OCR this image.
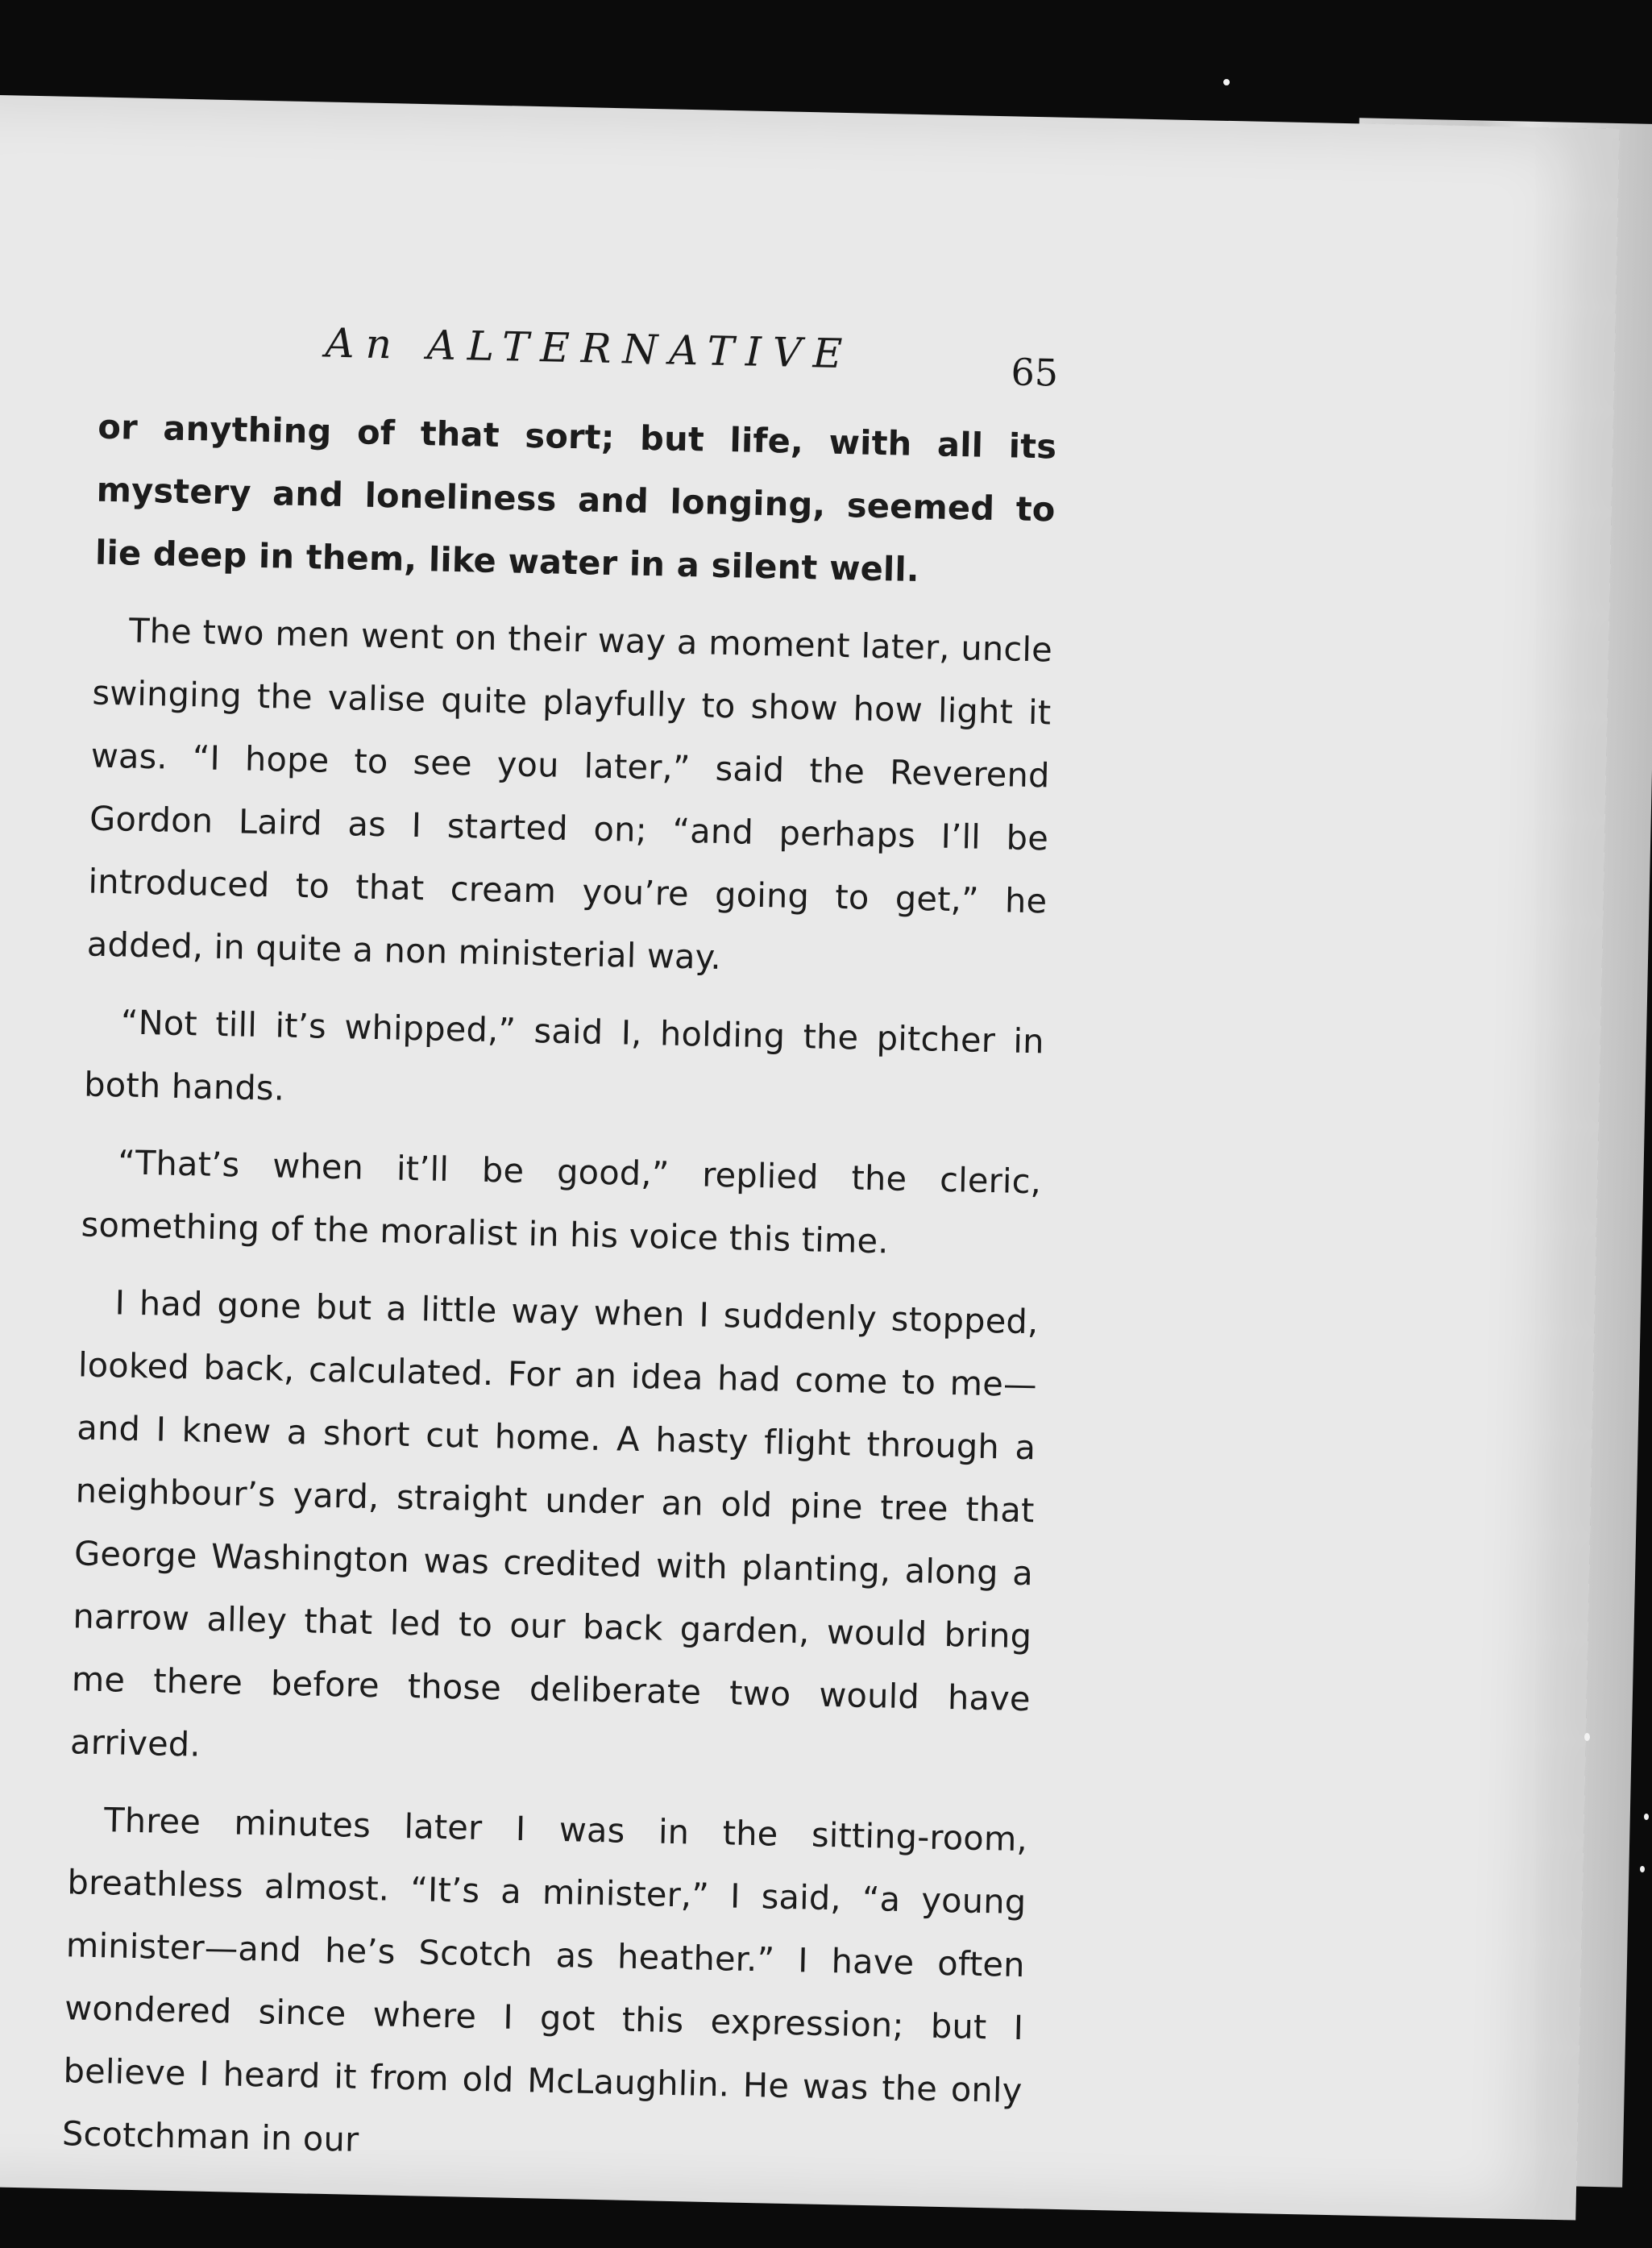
An ALTERNATIVE	65

or anything of that sort; but life, with all its mystery and loneliness and longing, seemed to lie deep in them, like water in a silent well.

The two men went on their way a moment later, uncle swinging the valise quite playfully to show how light it was. “I hope to see you later,” said the Reverend Gordon Laird as I started on; “and perhaps I’ll be introduced to that cream you’re going to get,” he added, in quite a non ministerial way.

“Not till it’s whipped,” said I, holding the pitcher in both hands.

“That’s when it’ll be good,” replied the cleric, something of the moralist in his voice this time.

I had gone but a little way when I suddenly stopped, looked back, calculated. For an idea had come to me—and I knew a short cut home. A hasty flight through a neighbour’s yard, straight under an old pine tree that George Washington was credited with planting, along a narrow alley that led to our back garden, would bring me there before those deliberate two would have arrived.

Three minutes later I was in the sitting-room, breathless almost. “It’s a minister,” I said, “a young minister—and he’s Scotch as heather.” I have often wondered since where I got this expression; but I believe I heard it from old McLaughlin. He was the only Scotchman in our
